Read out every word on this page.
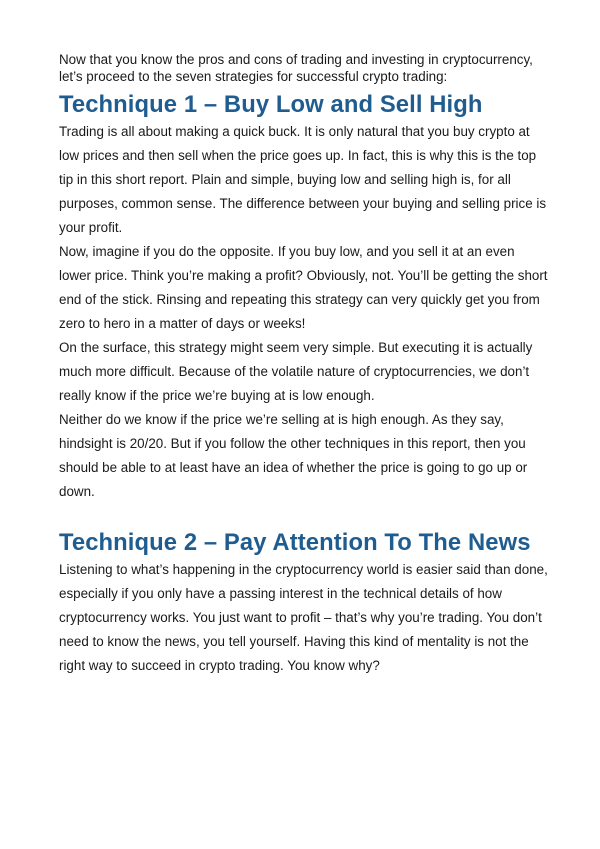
Now that you know the pros and cons of trading and investing in cryptocurrency, let’s proceed to the seven strategies for successful crypto trading:

Technique 1 – Buy Low and Sell High

Trading is all about making a quick buck. It is only natural that you buy crypto at low prices and then sell when the price goes up. In fact, this is why this is the top tip in this short report. Plain and simple, buying low and selling high is, for all purposes, common sense. The difference between your buying and selling price is your profit.

Now, imagine if you do the opposite. If you buy low, and you sell it at an even lower price. Think you’re making a profit? Obviously, not. You’ll be getting the short end of the stick. Rinsing and repeating this strategy can very quickly get you from zero to hero in a matter of days or weeks!

On the surface, this strategy might seem very simple. But executing it is actually much more difficult. Because of the volatile nature of cryptocurrencies, we don’t really know if the price we’re buying at is low enough.

Neither do we know if the price we’re selling at is high enough. As they say, hindsight is 20/20. But if you follow the other techniques in this report, then you should be able to at least have an idea of whether the price is going to go up or down.

Technique 2 – Pay Attention To The News

Listening to what’s happening in the cryptocurrency world is easier said than done, especially if you only have a passing interest in the technical details of how cryptocurrency works. You just want to profit – that’s why you’re trading. You don’t need to know the news, you tell yourself. Having this kind of mentality is not the right way to succeed in crypto trading. You know why?
